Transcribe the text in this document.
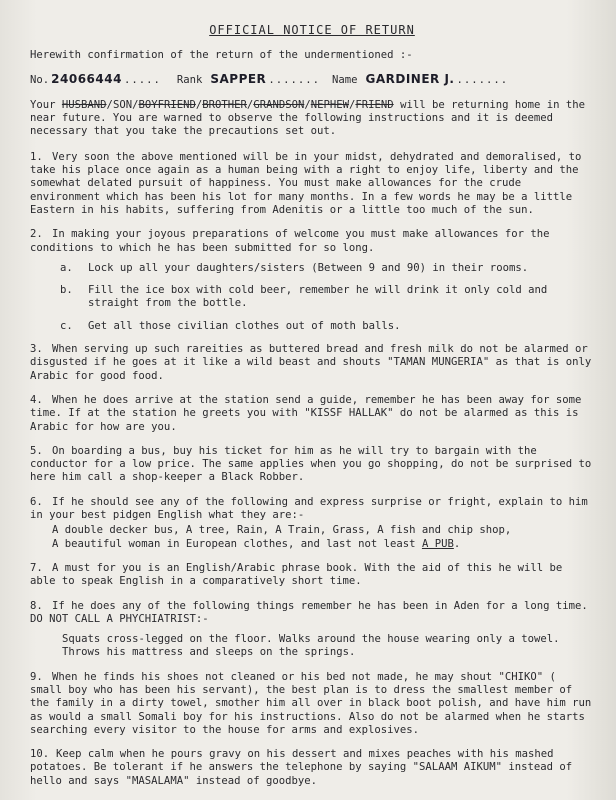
OFFICIAL NOTICE OF RETURN
Herewith confirmation of the return of the undermentioned :-
No. 24066444 ..... Rank SAPPER ....... Name GARDINER J. .......
Your HUSBAND/SON/BOYFRIEND/BROTHER/GRANDSON/NEPHEW/FRIEND will be returning home in the near future. You are warned to observe the following instructions and it is deemed necessary that you take the precautions set out.

1. Very soon the above mentioned will be in your midst, dehydrated and demoralised, to take his place once again as a human being with a right to enjoy life, liberty and the somewhat delated pursuit of happiness. You must make allowances for the crude environment which has been his lot for many months. In a few words he may be a little Eastern in his habits, suffering from Adenitis or a little too much of the sun.

2. In making your joyous preparations of welcome you must make allowances for the conditions to which he has been submitted for so long.

a.	Lock up all your daughters/sisters (Between 9 and 90) in their rooms.
b.	Fill the ice box with cold beer, remember he will drink it only cold and straight from the bottle.
c.	Get all those civilian clothes out of moth balls.

3. When serving up such rareities as buttered bread and fresh milk do not be alarmed or disgusted if he goes at it like a wild beast and shouts "TAMAN MUNGERIA" as that is only Arabic for good food.

4. When he does arrive at the station send a guide, remember he has been away for some time. If at the station he greets you with "KISSF HALLAK" do not be alarmed as this is Arabic for how are you.

5. On boarding a bus, buy his ticket for him as he will try to bargain with the conductor for a low price. The same applies when you go shopping, do not be surprised to here him call a shop-keeper a Black Robber.

6. If he should see any of the following and express surprise or fright, explain to him in your best pidgen English what they are:-

A double decker bus, A tree, Rain, A Train, Grass, A fish and chip shop,
A beautiful woman in European clothes, and last not least A PUB.

7. A must for you is an English/Arabic phrase book. With the aid of this he will be able to speak English in a comparatively short time.

8. If he does any of the following things remember he has been in Aden for a long time. DO NOT CALL A PHYCHIATRIST:-

Squats cross-legged on the floor. Walks around the house wearing only a towel. Throws his mattress and sleeps on the springs.

9. When he finds his shoes not cleaned or his bed not made, he may shout "CHIKO" ( small boy who has been his servant), the best plan is to dress the smallest member of the family in a dirty towel, smother him all over in black boot polish, and have him run as would a small Somali boy for his instructions. Also do not be alarmed when he starts searching every visitor to the house for arms and explosives.

10. Keep calm when he pours gravy on his dessert and mixes peaches with his mashed potatoes. Be tolerant if he answers the telephone by saying "SALAAM AIKUM" instead of hello and says "MASALAMA" instead of goodbye.
